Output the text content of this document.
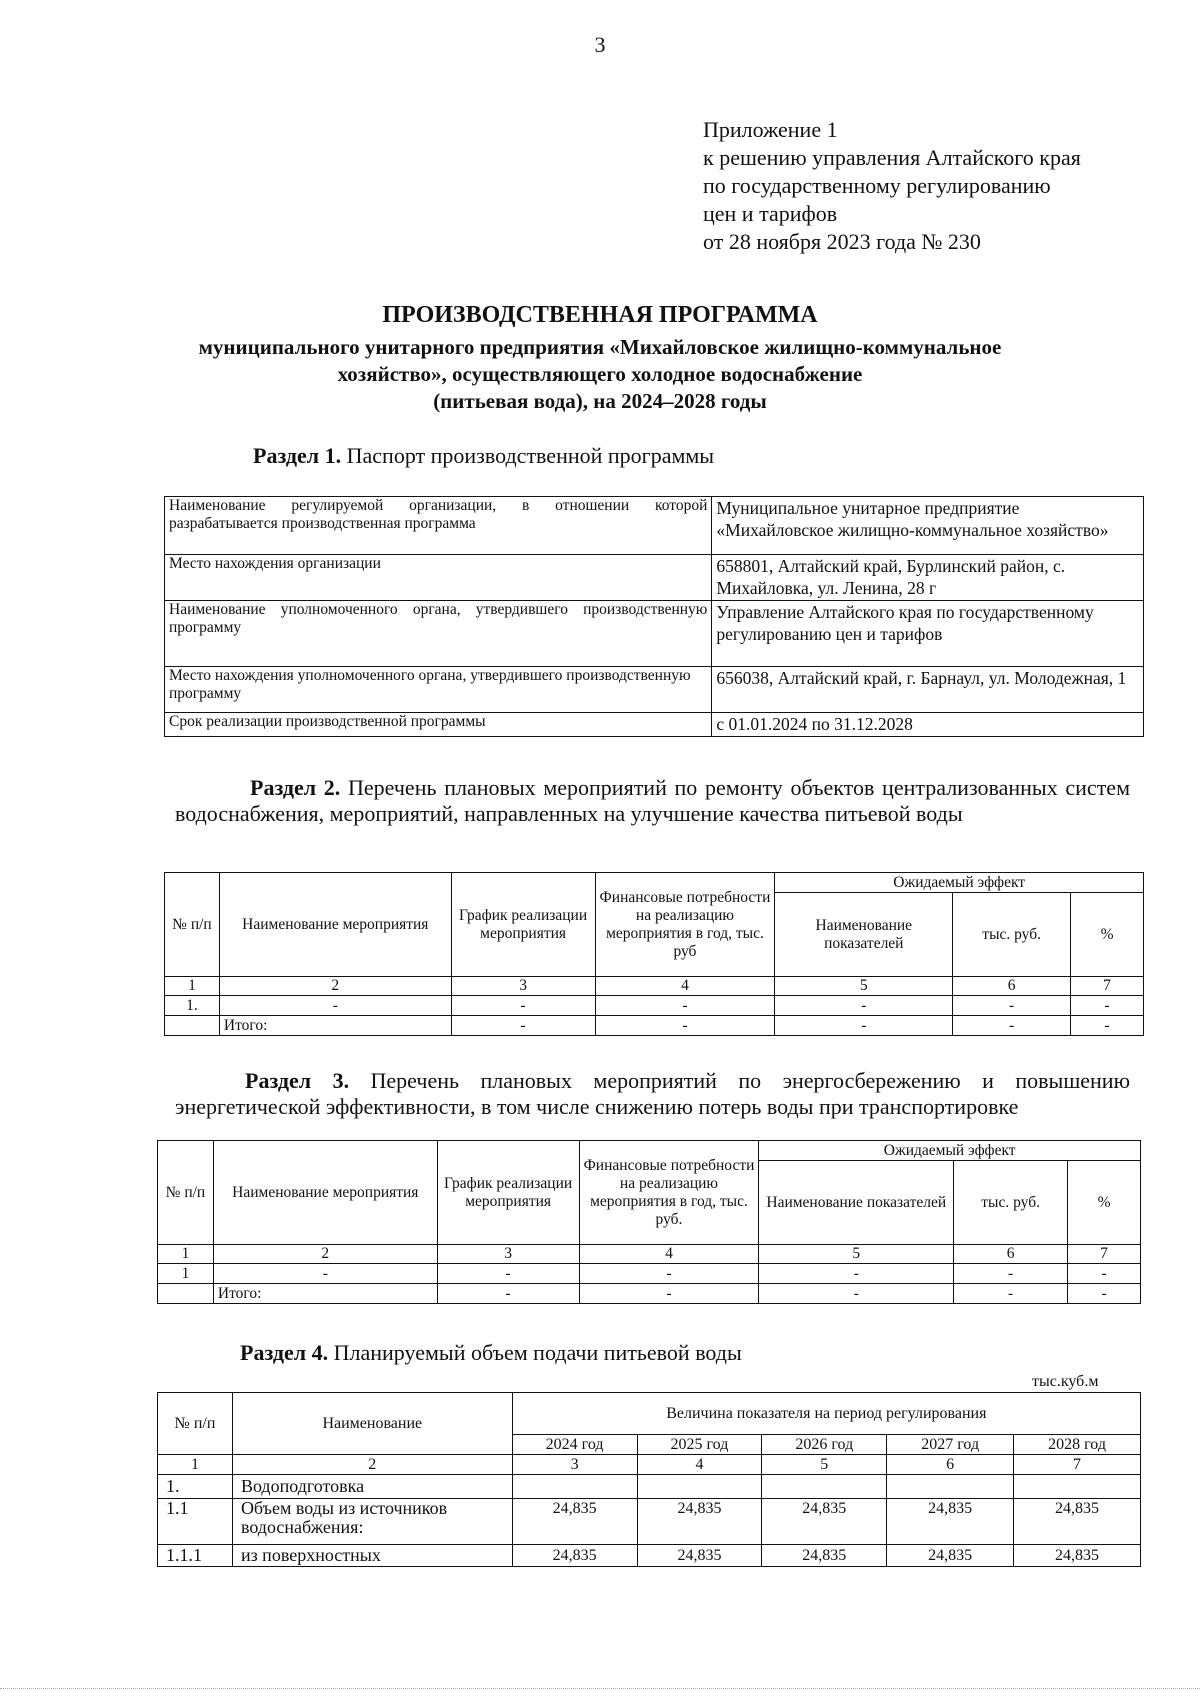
3
Приложение 1
к решению управления Алтайского края
по государственному регулированию
цен и тарифов
от 28 ноября 2023 года № 230
ПРОИЗВОДСТВЕННАЯ ПРОГРАММА
муниципального унитарного предприятия «Михайловское жилищно-коммунальное
хозяйство», осуществляющего холодное водоснабжение
(питьевая вода), на 2024–2028 годы
Раздел 1. Паспорт производственной программы
Наименование регулируемой организации, в отношении которой разрабатывается производственная программа	Муниципальное унитарное предприятие «Михайловское жилищно-коммунальное хозяйство»
Место нахождения организации	658801, Алтайский край, Бурлинский район, с. Михайловка, ул. Ленина, 28 г
Наименование уполномоченного органа, утвердившего производственную программу	Управление Алтайского края по государственному регулированию цен и тарифов
Место нахождения уполномоченного органа, утвердившего производственную программу	656038, Алтайский край, г. Барнаул, ул. Молодежная, 1
Срок реализации производственной программы	с 01.01.2024 по 31.12.2028
Раздел 2. Перечень плановых мероприятий по ремонту объектов централизованных систем водоснабжения, мероприятий, направленных на улучшение качества питьевой воды
№ п/п	Наименование мероприятия	График реализации мероприятия	Финансовые потребности на реализацию мероприятия в год, тыс. руб	Ожидаемый эффект		
				Наименование показателей	тыс. руб.	%
1	2	3	4	5	6	7
1.	-	-	-	-	-	-
	Итого:	-	-	-	-	-
Раздел 3. Перечень плановых мероприятий по энергосбережению и повышению энергетической эффективности, в том числе снижению потерь воды при транспортировке
№ п/п	Наименование мероприятия	График реализации мероприятия	Финансовые потребности на реализацию мероприятия в год, тыс. руб.	Ожидаемый эффект		
				Наименование показателей	тыс. руб.	%
1	2	3	4	5	6	7
1	-	-	-	-	-	-
	Итого:	-	-	-	-	-
Раздел 4. Планируемый объем подачи питьевой воды
тыс.куб.м
№ п/п	Наименование	Величина показателя на период регулирования				
		2024 год	2025 год	2026 год	2027 год	2028 год
1	2	3	4	5	6	7
1.	Водоподготовка					
1.1	Объем воды из источников водоснабжения:	24,835	24,835	24,835	24,835	24,835
1.1.1	из поверхностных	24,835	24,835	24,835	24,835	24,835
